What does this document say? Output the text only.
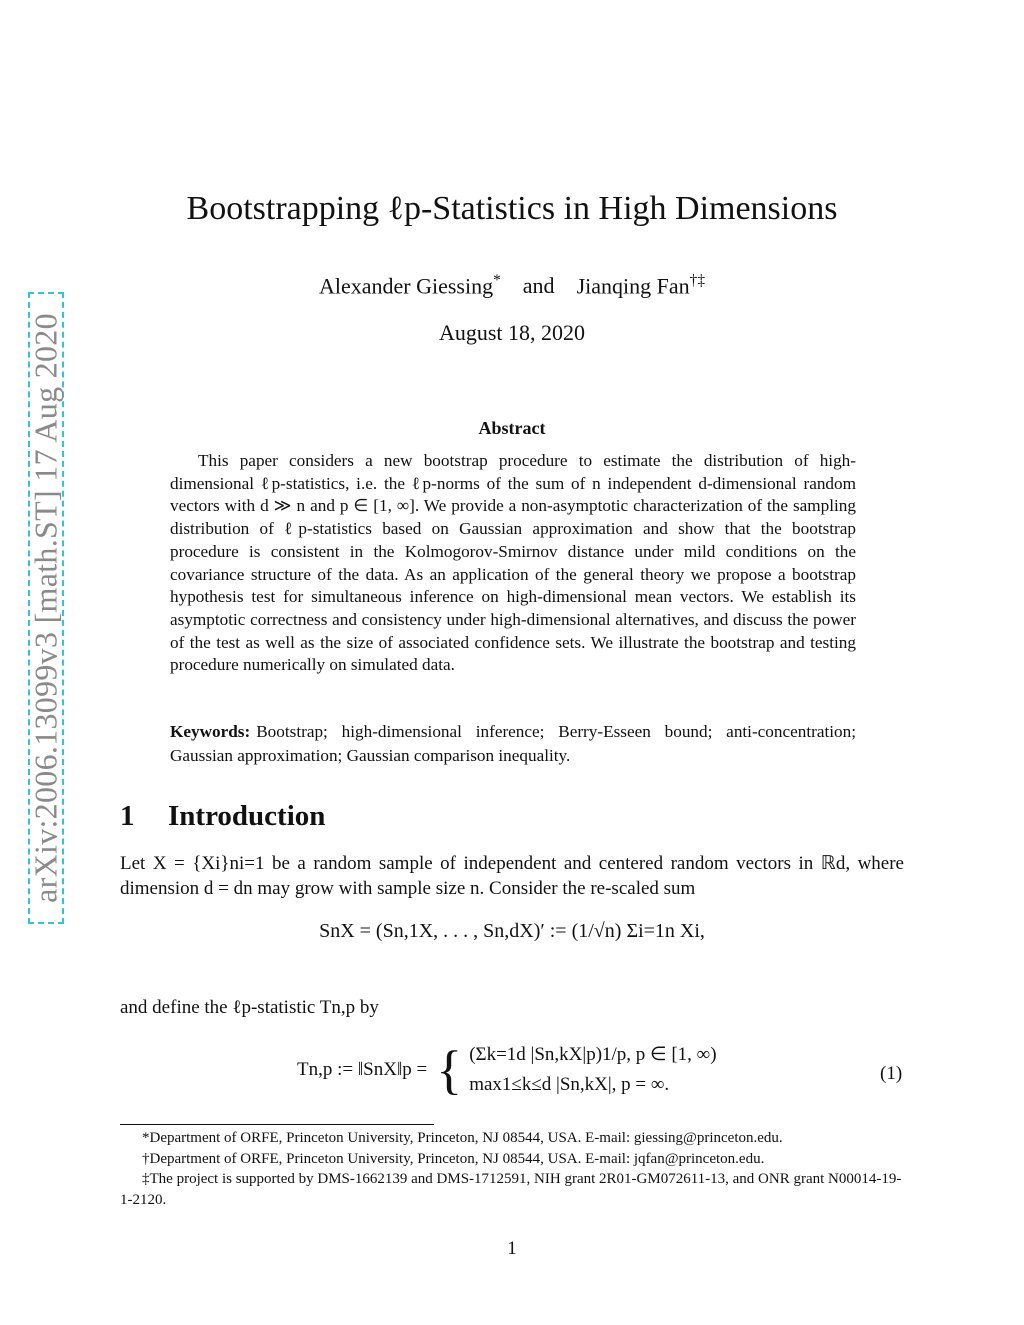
arXiv:2006.13099v3 [math.ST] 17 Aug 2020
Bootstrapping ℓp-Statistics in High Dimensions
Alexander Giessing* and Jianqing Fan†‡
August 18, 2020
Abstract
This paper considers a new bootstrap procedure to estimate the distribution of high-dimensional ℓp-statistics, i.e. the ℓp-norms of the sum of n independent d-dimensional random vectors with d ≫ n and p ∈ [1, ∞]. We provide a non-asymptotic characterization of the sampling distribution of ℓp-statistics based on Gaussian approximation and show that the bootstrap procedure is consistent in the Kolmogorov-Smirnov distance under mild conditions on the covariance structure of the data. As an application of the general theory we propose a bootstrap hypothesis test for simultaneous inference on high-dimensional mean vectors. We establish its asymptotic correctness and consistency under high-dimensional alternatives, and discuss the power of the test as well as the size of associated confidence sets. We illustrate the bootstrap and testing procedure numerically on simulated data.
Keywords: Bootstrap; high-dimensional inference; Berry-Esseen bound; anti-concentration; Gaussian approximation; Gaussian comparison inequality.
1 Introduction
Let X = {Xi}ni=1 be a random sample of independent and centered random vectors in ℝd, where dimension d = dn may grow with sample size n. Consider the re-scaled sum
SnX = (Sn,1X, . . . , Sn,dX)′ := (1/√n) Σi=1n Xi,
and define the ℓp-statistic Tn,p by
Tn,p := ‖SnX‖p =	{	(Σk=1d |Sn,kX|p)1/p, p ∈ [1, ∞)
max1≤k≤d |Sn,kX|, p = ∞.
(1)
*Department of ORFE, Princeton University, Princeton, NJ 08544, USA. E-mail: giessing@princeton.edu.
†Department of ORFE, Princeton University, Princeton, NJ 08544, USA. E-mail: jqfan@princeton.edu.
‡The project is supported by DMS-1662139 and DMS-1712591, NIH grant 2R01-GM072611-13, and ONR grant N00014-19-1-2120.
1
